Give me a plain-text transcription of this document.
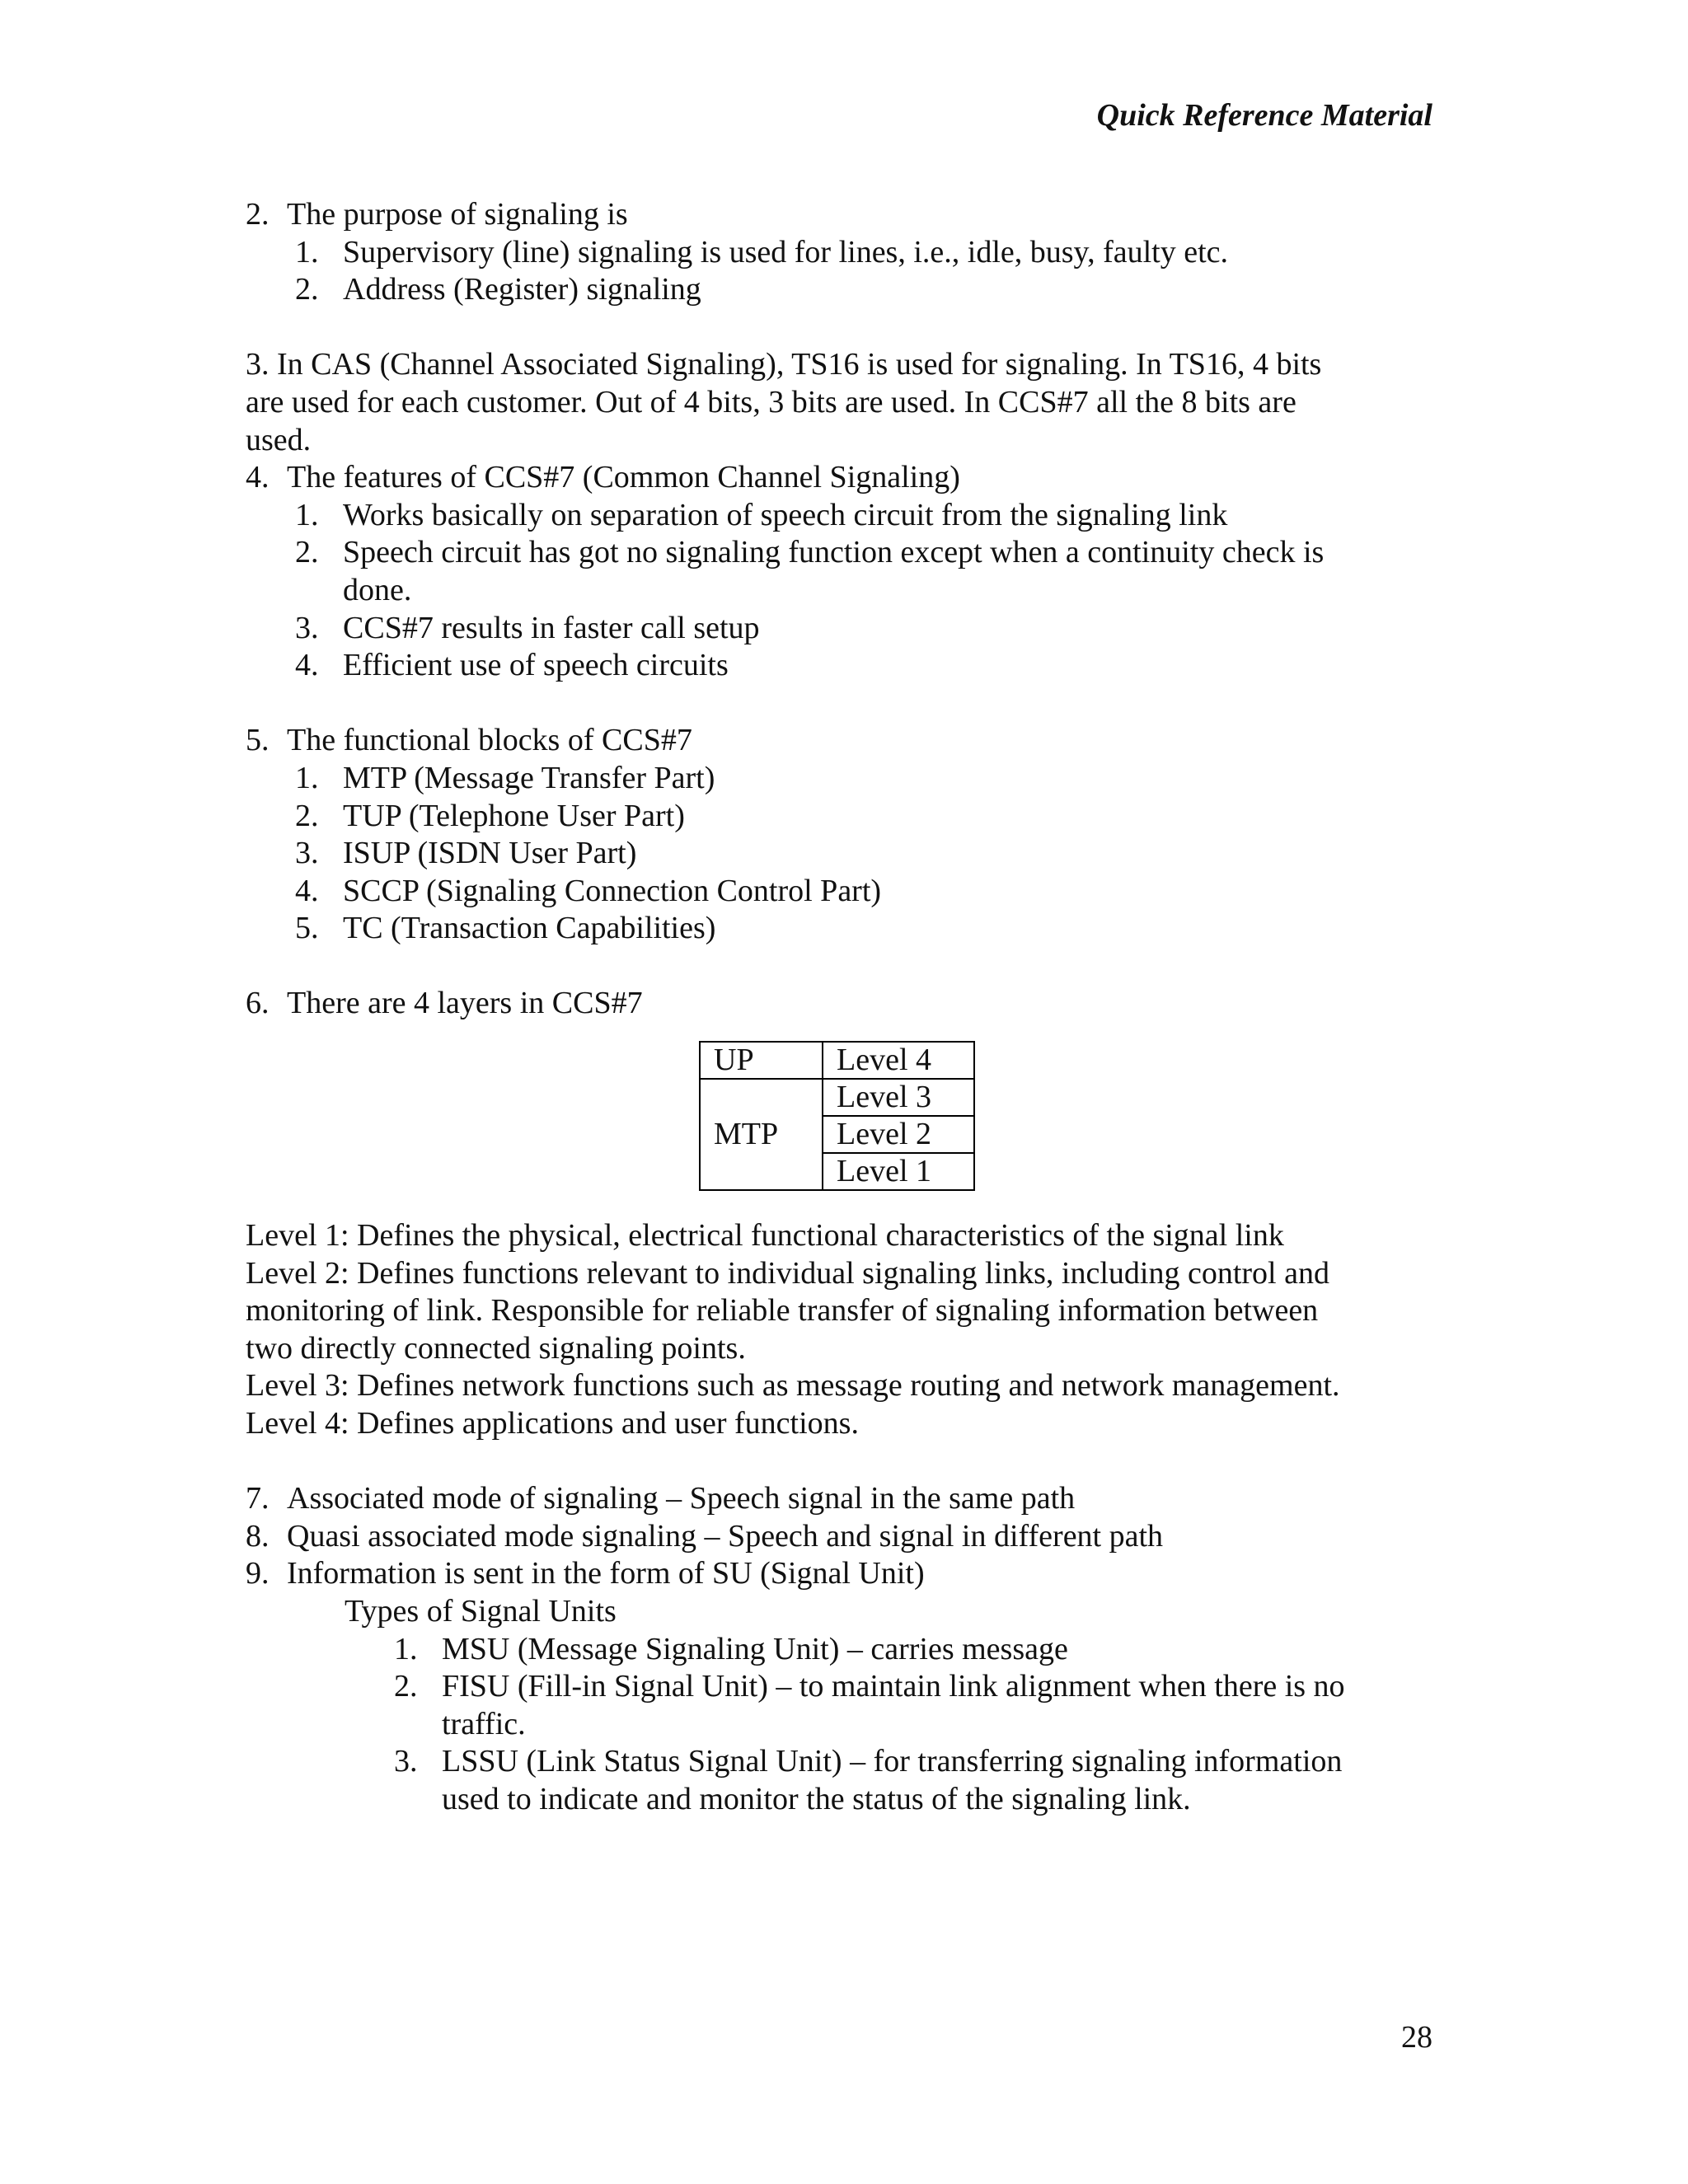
Quick Reference Material
2. The purpose of signaling is
1. Supervisory (line) signaling is used for lines, i.e., idle, busy, faulty etc.
2. Address (Register) signaling
3. In CAS (Channel Associated Signaling), TS16 is used for signaling. In TS16, 4 bits
are used for each customer. Out of 4 bits, 3 bits are used. In CCS#7 all the 8 bits are
used.
4. The features of CCS#7 (Common Channel Signaling)
1. Works basically on separation of speech circuit from the signaling link
2. Speech circuit has got no signaling function except when a continuity check is
done.
3. CCS#7 results in faster call setup
4. Efficient use of speech circuits
5. The functional blocks of CCS#7
1. MTP (Message Transfer Part)
2. TUP (Telephone User Part)
3. ISUP (ISDN User Part)
4. SCCP (Signaling Connection Control Part)
5. TC (Transaction Capabilities)
6. There are 4 layers in CCS#7
UP	Level 4
MTP	Level 3
	Level 2
	Level 1
Level 1: Defines the physical, electrical functional characteristics of the signal link
Level 2: Defines functions relevant to individual signaling links, including control and
monitoring of link. Responsible for reliable transfer of signaling information between
two directly connected signaling points.
Level 3: Defines network functions such as message routing and network management.
Level 4: Defines applications and user functions.
7. Associated mode of signaling – Speech signal in the same path
8. Quasi associated mode signaling – Speech and signal in different path
9. Information is sent in the form of SU (Signal Unit)
Types of Signal Units
1. MSU (Message Signaling Unit) – carries message
2. FISU (Fill-in Signal Unit) – to maintain link alignment when there is no
traffic.
3. LSSU (Link Status Signal Unit) – for transferring signaling information
used to indicate and monitor the status of the signaling link.
28
